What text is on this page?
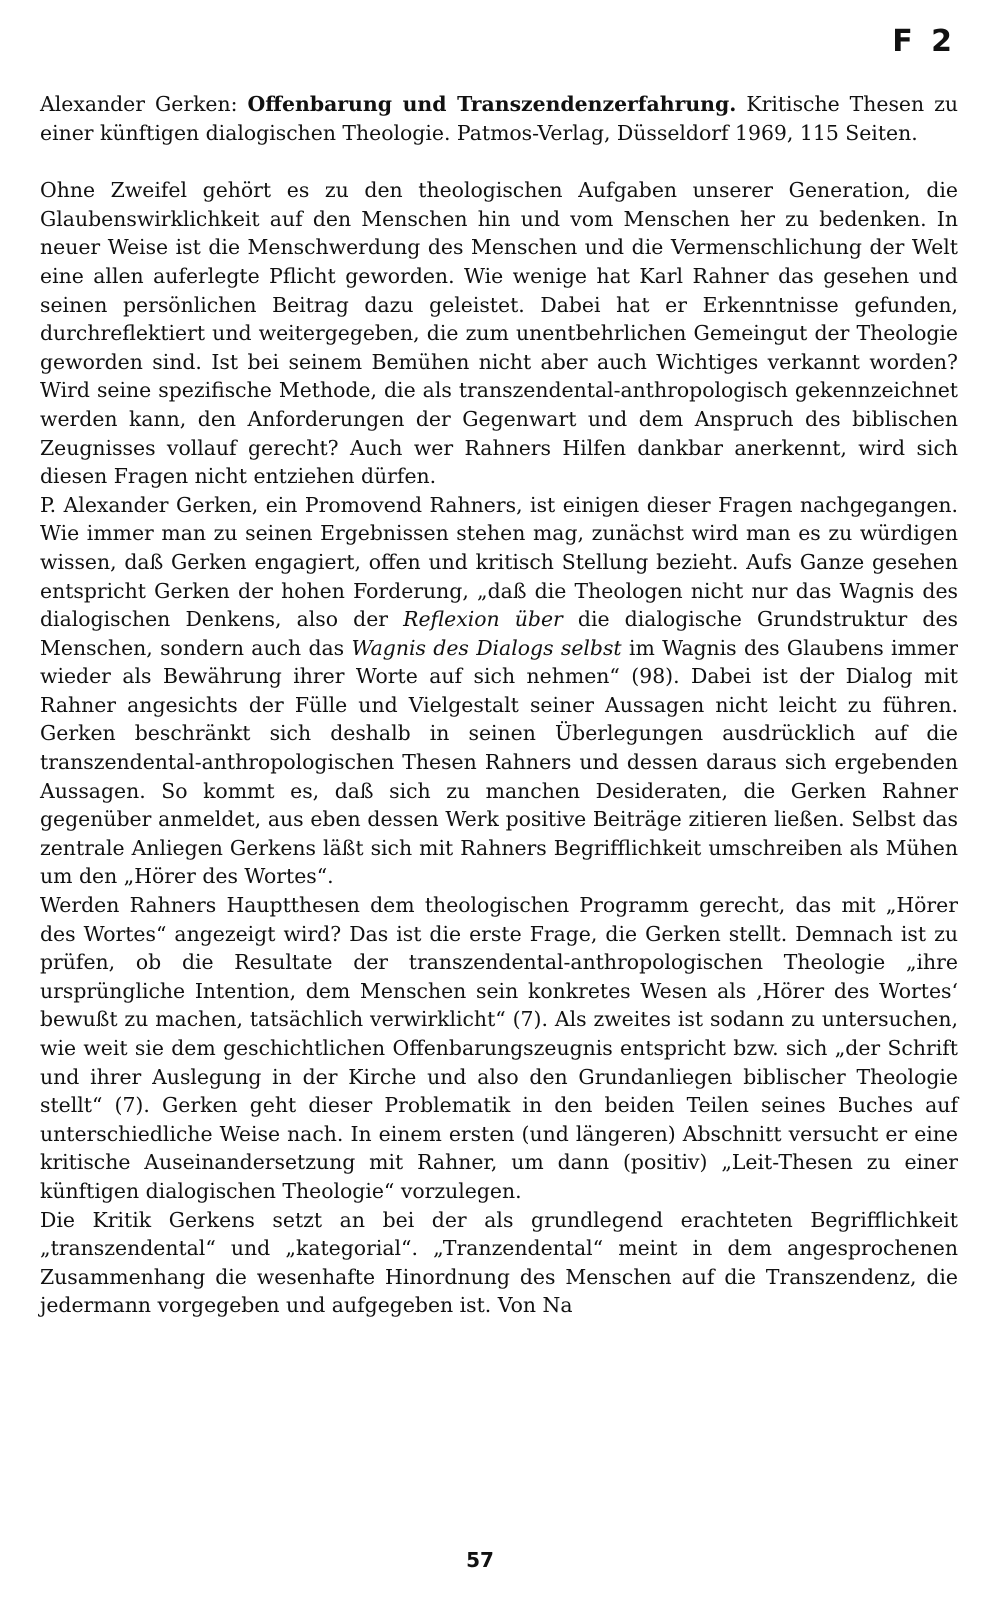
F 2

Alexander Gerken: Offenbarung und Transzendenzerfahrung. Kritische Thesen zu einer künftigen dialogischen Theologie. Patmos-Verlag, Düsseldorf 1969, 115 Seiten.

Ohne Zweifel gehört es zu den theologischen Aufgaben unserer Generation, die Glaubenswirklichkeit auf den Menschen hin und vom Menschen her zu bedenken. In neuer Weise ist die Menschwerdung des Menschen und die Vermenschlichung der Welt eine allen auferlegte Pflicht geworden. Wie wenige hat Karl Rahner das gesehen und seinen persönlichen Beitrag dazu geleistet. Dabei hat er Erkenntnisse gefunden, durchreflektiert und weitergegeben, die zum unentbehrlichen Gemeingut der Theologie geworden sind. Ist bei seinem Bemühen nicht aber auch Wichtiges verkannt worden? Wird seine spezifische Methode, die als transzendental-anthropologisch gekennzeichnet werden kann, den Anforderungen der Gegenwart und dem Anspruch des biblischen Zeugnisses vollauf gerecht? Auch wer Rahners Hilfen dankbar anerkennt, wird sich diesen Fragen nicht entziehen dürfen.

P. Alexander Gerken, ein Promovend Rahners, ist einigen dieser Fragen nachgegangen. Wie immer man zu seinen Ergebnissen stehen mag, zunächst wird man es zu würdigen wissen, daß Gerken engagiert, offen und kritisch Stellung bezieht. Aufs Ganze gesehen entspricht Gerken der hohen Forderung, „daß die Theologen nicht nur das Wagnis des dialogischen Denkens, also der Reflexion über die dialogische Grundstruktur des Menschen, sondern auch das Wagnis des Dialogs selbst im Wagnis des Glaubens immer wieder als Bewährung ihrer Worte auf sich nehmen“ (98). Dabei ist der Dialog mit Rahner angesichts der Fülle und Vielgestalt seiner Aussagen nicht leicht zu führen. Gerken beschränkt sich deshalb in seinen Überlegungen ausdrücklich auf die transzendental-anthropologischen Thesen Rahners und dessen daraus sich ergebenden Aussagen. So kommt es, daß sich zu manchen Desideraten, die Gerken Rahner gegenüber anmeldet, aus eben dessen Werk positive Beiträge zitieren ließen. Selbst das zentrale Anliegen Gerkens läßt sich mit Rahners Begrifflichkeit umschreiben als Mühen um den „Hörer des Wortes“.

Werden Rahners Hauptthesen dem theologischen Programm gerecht, das mit „Hörer des Wortes“ angezeigt wird? Das ist die erste Frage, die Gerken stellt. Demnach ist zu prüfen, ob die Resultate der transzendental-anthropologischen Theologie „ihre ursprüngliche Intention, dem Menschen sein konkretes Wesen als ‚Hörer des Wortes‘ bewußt zu machen, tatsächlich verwirklicht“ (7). Als zweites ist sodann zu untersuchen, wie weit sie dem geschichtlichen Offenbarungszeugnis entspricht bzw. sich „der Schrift und ihrer Auslegung in der Kirche und also den Grundanliegen biblischer Theologie stellt“ (7). Gerken geht dieser Problematik in den beiden Teilen seines Buches auf unterschiedliche Weise nach. In einem ersten (und längeren) Abschnitt versucht er eine kritische Auseinandersetzung mit Rahner, um dann (positiv) „Leit-Thesen zu einer künftigen dialogischen Theologie“ vorzulegen.

Die Kritik Gerkens setzt an bei der als grundlegend erachteten Begrifflichkeit „transzendental“ und „kategorial“. „Tranzendental“ meint in dem angesprochenen Zusammenhang die wesenhafte Hinordnung des Menschen auf die Transzendenz, die jedermann vorgegeben und aufgegeben ist. Von Na

57
